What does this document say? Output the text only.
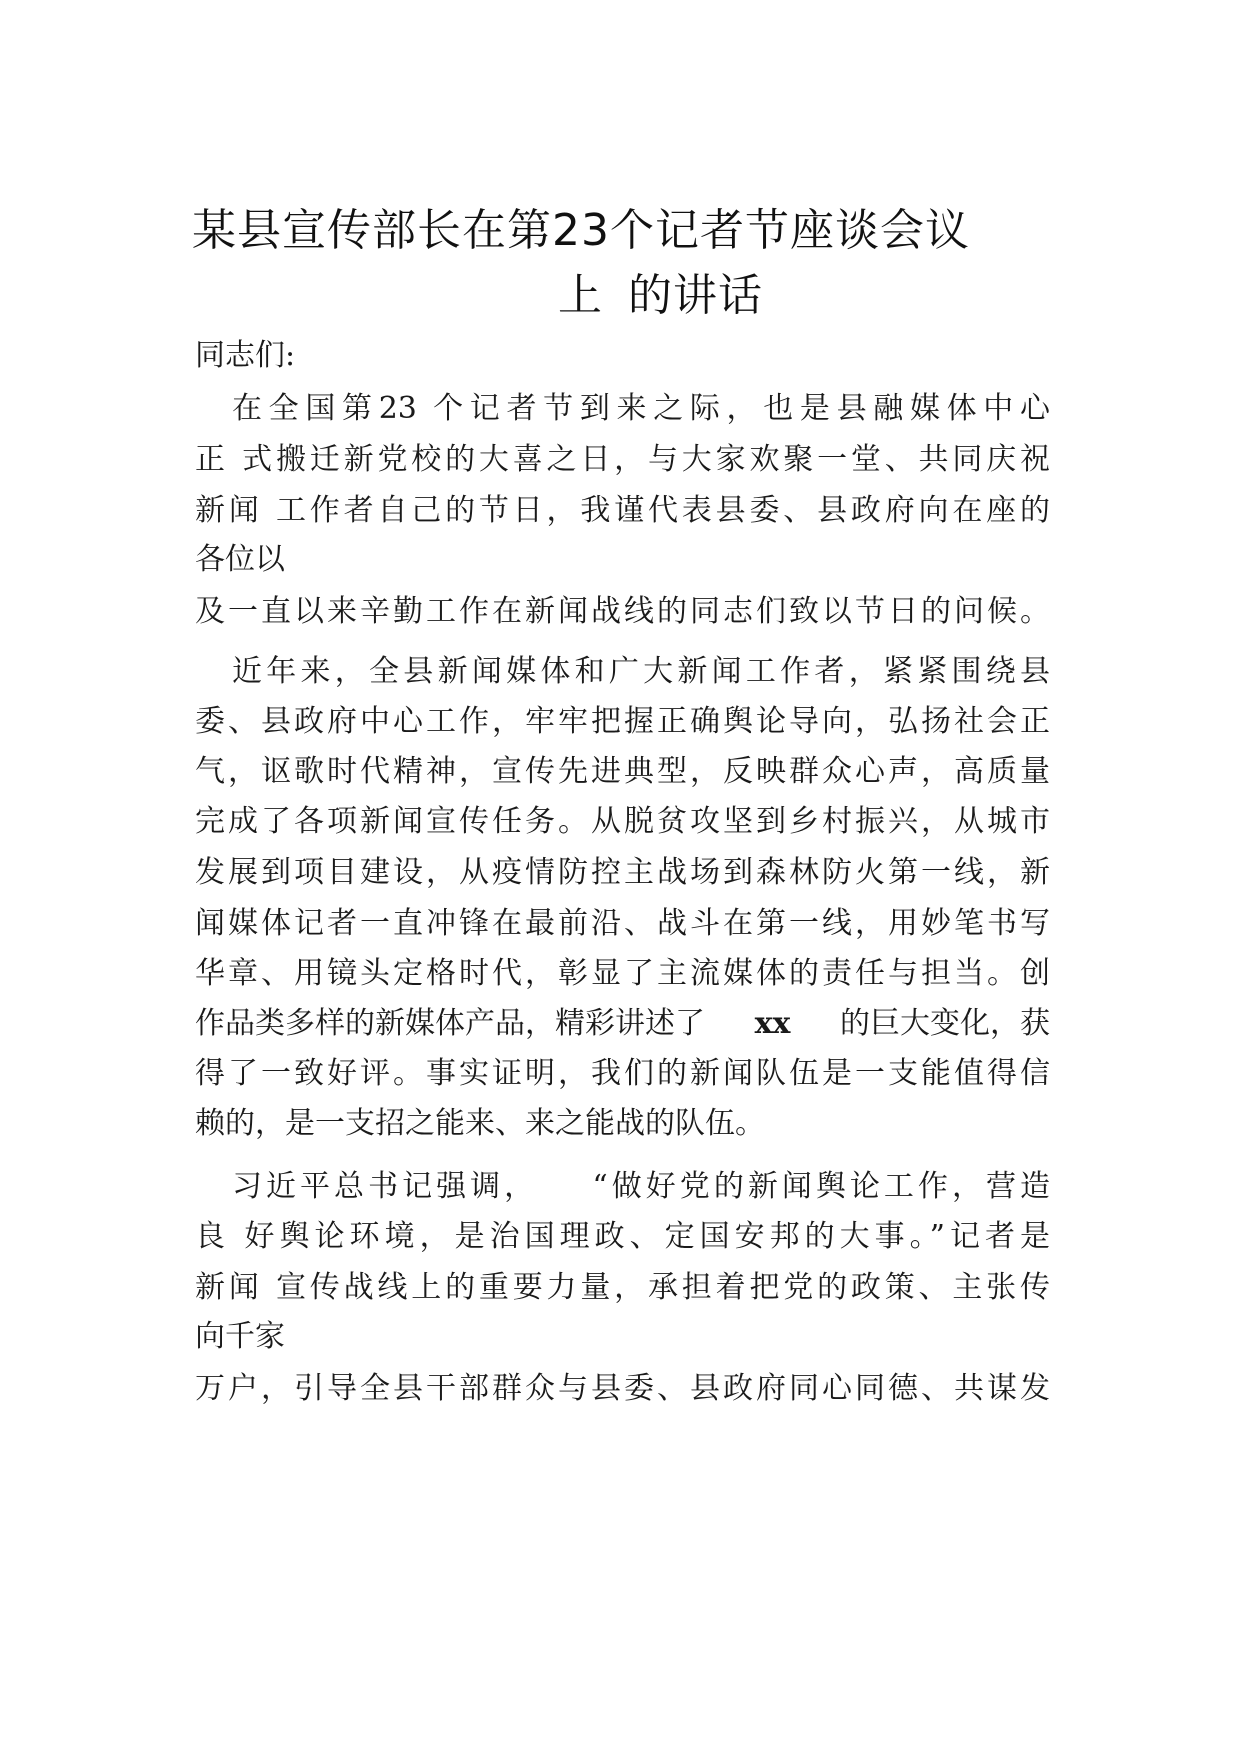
某县宣传部长在第23个记者节座谈会议
上 的讲话
同志们:
在全国第23 个记者节到来之际，也是县融媒体中心
正 式搬迁新党校的大喜之日，与大家欢聚一堂、共同庆祝
新闻 工作者自己的节日，我谨代表县委、县政府向在座的
各位以
及一直以来辛勤工作在新闻战线的同志们致以节日的问候。
近年来，全县新闻媒体和广大新闻工作者，紧紧围绕县
委、县政府中心工作，牢牢把握正确舆论导向，弘扬社会正
气，讴歌时代精神，宣传先进典型，反映群众心声，高质量
完成了各项新闻宣传任务。从脱贫攻坚到乡村振兴，从城市
发展到项目建设，从疫情防控主战场到森林防火第一线，新
闻媒体记者一直冲锋在最前沿、战斗在第一线，用妙笔书写
华章、用镜头定格时代，彰显了主流媒体的责任与担当。创
作品类多样的新媒体产品，精彩讲述了 xx 的巨大变化，获
得了一致好评。事实证明，我们的新闻队伍是一支能值得信
赖的，是一支招之能来、来之能战的队伍。
习近平总书记强调，    “做好党的新闻舆论工作，营造
良 好舆论环境，是治国理政、定国安邦的大事。”记者是
新闻 宣传战线上的重要力量，承担着把党的政策、主张传
向千家
万户，引导全县干部群众与县委、县政府同心同德、共谋发
